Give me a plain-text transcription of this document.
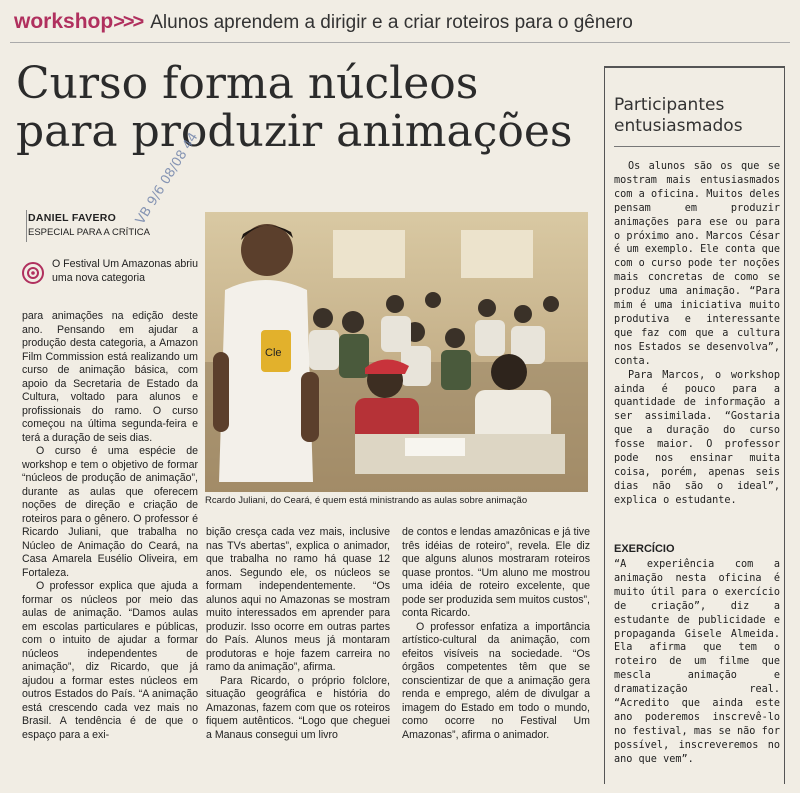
workshop>>> Alunos aprendem a dirigir e a criar roteiros para o gênero
Curso forma núcleos
para produzir animações
VB 9/6 08/08 44
DANIEL FAVERO
ESPECIAL PARA A CRÍTICA
Cle
Rcardo Juliani, do Ceará, é quem está ministrando as aulas sobre animação

O Festival Um Amazonas abriu uma nova categoria

para animações na edição deste ano. Pensando em ajudar a produção desta categoria, a Amazon Film Commission está realizando um curso de animação básica, com apoio da Secretaria de Estado da Cultura, voltado para alunos e profissionais do ramo. O curso começou na última segunda-feira e terá a duração de seis dias.

O curso é uma espécie de workshop e tem o objetivo de formar “núcleos de produção de animação”, durante as aulas que oferecem noções de direção e criação de roteiros para o gênero. O professor é Ricardo Juliani, que trabalha no Núcleo de Animação do Ceará, na Casa Amarela Eusélio Oliveira, em Fortaleza.

O professor explica que ajuda a formar os núcleos por meio das aulas de animação. “Damos aulas em escolas particulares e públicas, com o intuito de ajudar a formar núcleos independentes de animação”, diz Ricardo, que já ajudou a formar estes núcleos em outros Estados do País. “A animação está crescendo cada vez mais no Brasil. A tendência é de que o espaço para a exi-

bição cresça cada vez mais, inclusive nas TVs abertas”, explica o animador, que trabalha no ramo há quase 12 anos. Segundo ele, os núcleos se formam independentemente. “Os alunos aqui no Amazonas se mostram muito interessados em aprender para produzir. Isso ocorre em outras partes do País. Alunos meus já montaram produtoras e hoje fazem carreira no ramo da animação”, afirma.

Para Ricardo, o próprio folclore, situação geográfica e história do Amazonas, fazem com que os roteiros fiquem autênticos. “Logo que cheguei a Manaus consegui um livro

de contos e lendas amazônicas e já tive três idéias de roteiro”, revela. Ele diz que alguns alunos mostraram roteiros quase prontos. “Um aluno me mostrou uma idéia de roteiro excelente, que pode ser produzida sem muitos custos”, conta Ricardo.

O professor enfatiza a importância artístico-cultural da animação, com efeitos visíveis na sociedade. “Os órgãos competentes têm que se conscientizar de que a animação gera renda e emprego, além de divulgar a imagem do Estado em todo o mundo, como ocorre no Festival Um Amazonas”, afirma o animador.

Participantes entusiasmados

Os alunos são os que se mostram mais entusiasmados com a oficina. Muitos deles pensam em produzir animações para ese ou para o próximo ano. Marcos César é um exemplo. Ele conta que com o curso pode ter noções mais concretas de como se produz uma animação. “Para mim é uma iniciativa muito produtiva e interessante que faz com que a cultura nos Estados se desenvolva”, conta.

Para Marcos, o workshop ainda é pouco para a quantidade de informação a ser assimilada. “Gostaria que a duração do curso fosse maior. O professor pode nos ensinar muita coisa, porém, apenas seis dias não são o ideal”, explica o estudante.

EXERCÍCIO

“A experiência com a animação nesta oficina é muito útil para o exercício de criação”, diz a estudante de publicidade e propaganda Gisele Almeida. Ela afirma que tem o roteiro de um filme que mescla animação e dramatização real. “Acredito que ainda este ano poderemos inscrevê-lo no festival, mas se não for possível, inscreveremos no ano que vem”.
